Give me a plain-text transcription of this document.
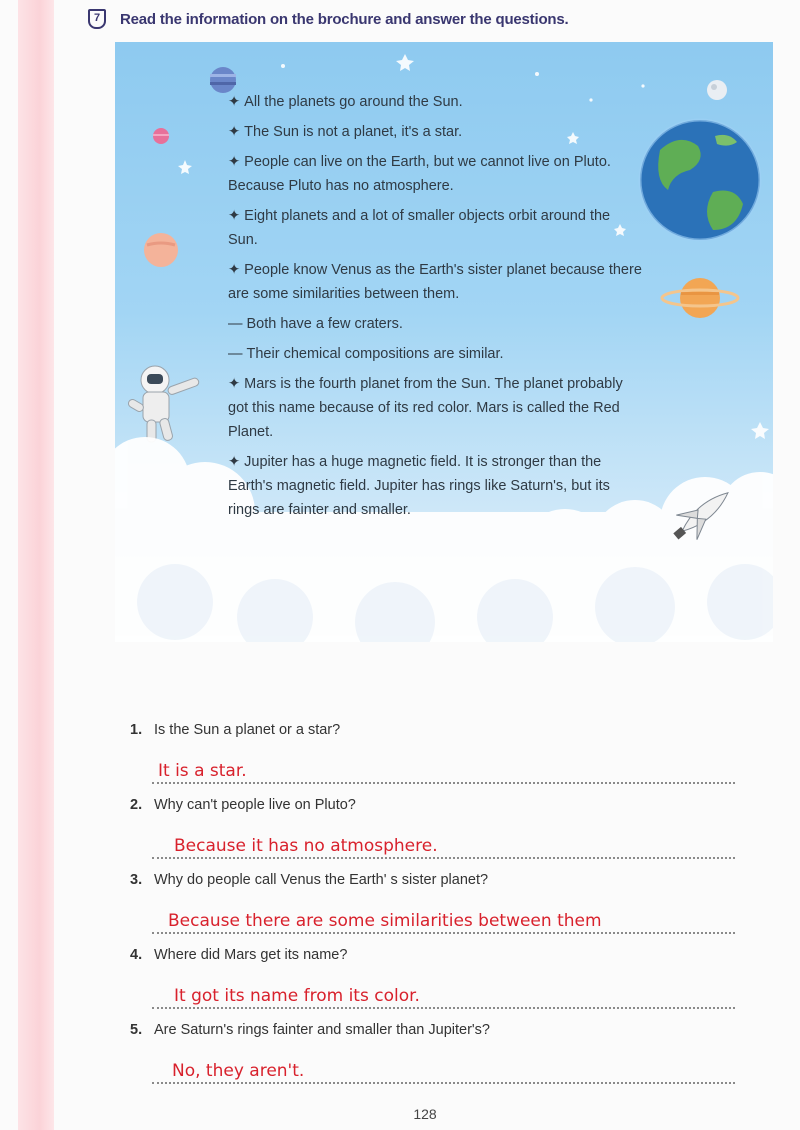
7	Read the information on the brochure and answer the questions.
✦ All the planets go around the Sun.
✦ The Sun is not a planet, it's a star.
✦ People can live on the Earth, but we cannot live on Pluto. Because Pluto has no atmosphere.
✦ Eight planets and a lot of smaller objects orbit around the Sun.
✦ People know Venus as the Earth's sister planet because there are some similarities between them.
— Both have a few craters.
— Their chemical compositions are similar.
✦ Mars is the fourth planet from the Sun. The planet probably got this name because of its red color. Mars is called the Red Planet.
✦ Jupiter has a huge magnetic field. It is stronger than the Earth's magnetic field. Jupiter has rings like Saturn's, but its rings are fainter and smaller.
1. Is the Sun a planet or a star?
It is a star.
2. Why can't people live on Pluto?
Because it has no atmosphere.
3. Why do people call Venus the Earth' s sister planet?
Because there are some similarities between them
4. Where did Mars get its name?
It got its name from its color.
5. Are Saturn's rings fainter and smaller than Jupiter's?
No, they aren't.
128
